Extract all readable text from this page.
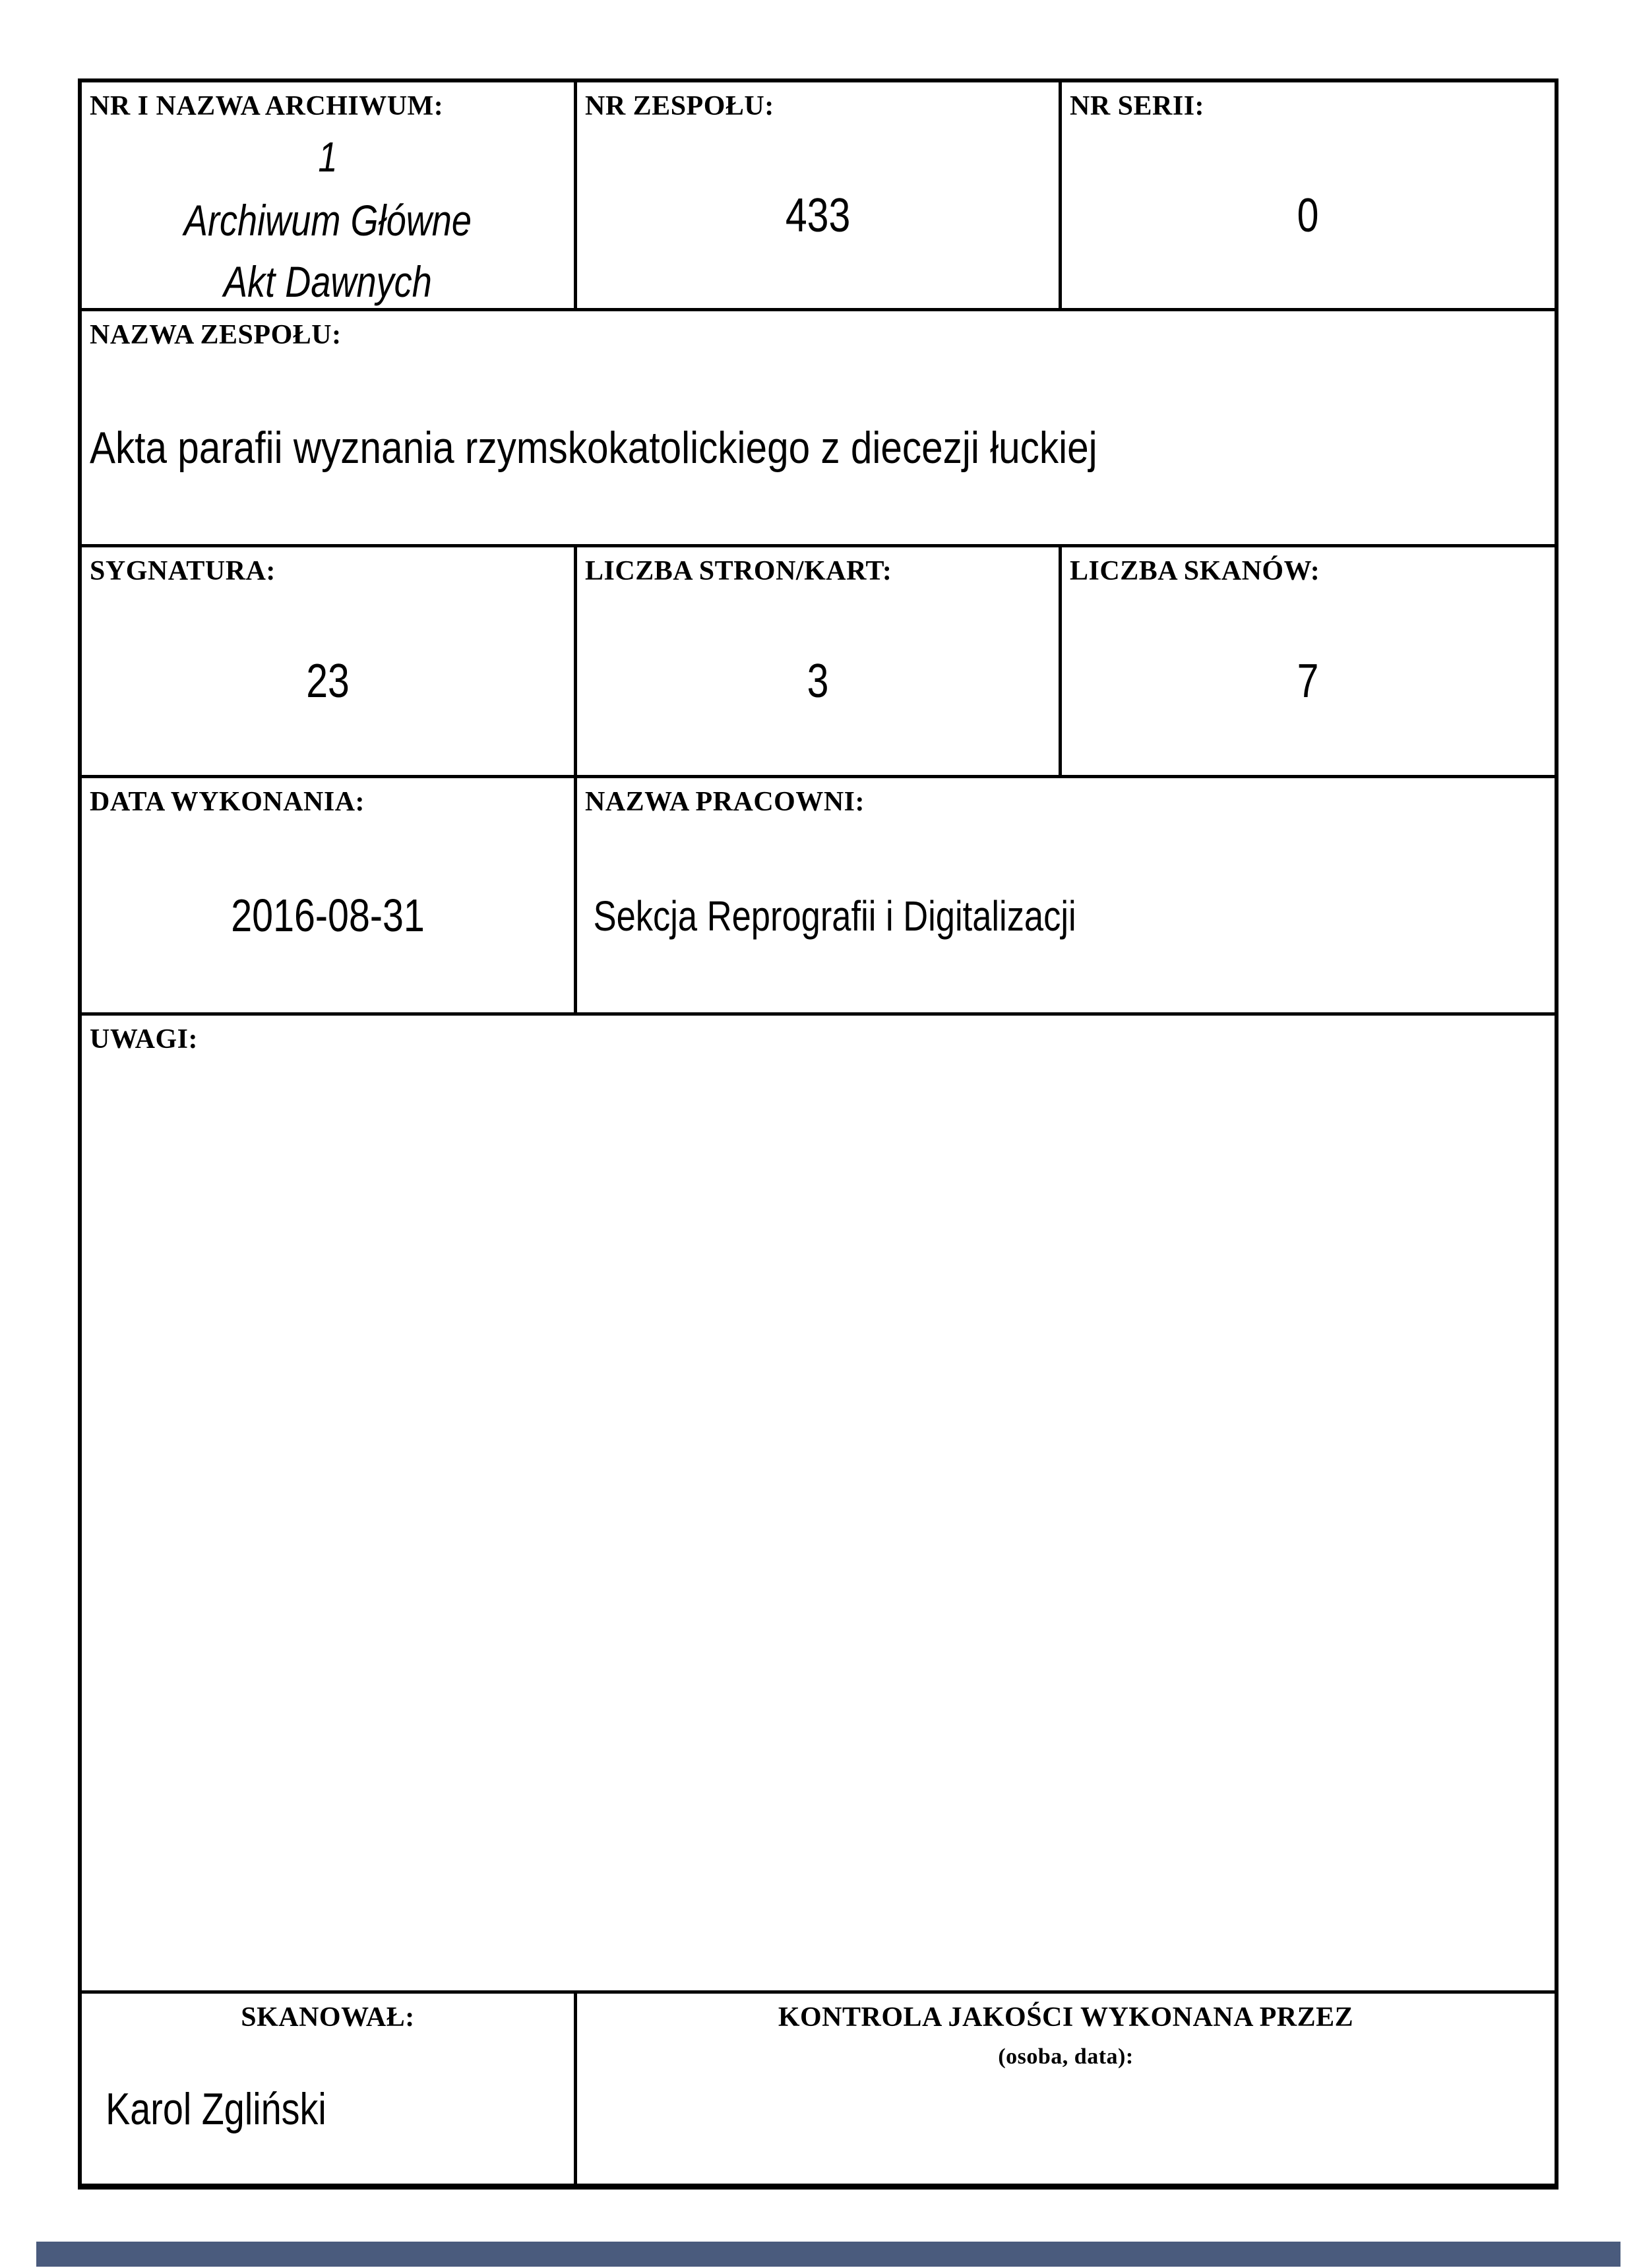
NR I NAZWA ARCHIWUM:
1
Archiwum Główne
Akt Dawnych
NR ZESPOŁU:
433
NR SERII:
0
NAZWA ZESPOŁU:
Akta parafii wyznania rzymskokatolickiego z diecezji łuckiej
SYGNATURA:
23
LICZBA STRON/KART:
3
LICZBA SKANÓW:
7
DATA WYKONANIA:
2016-08-31
NAZWA PRACOWNI:
Sekcja Reprografii i Digitalizacji
UWAGI:
SKANOWAŁ:
Karol Zgliński
KONTROLA JAKOŚCI WYKONANA PRZEZ
(osoba, data):
